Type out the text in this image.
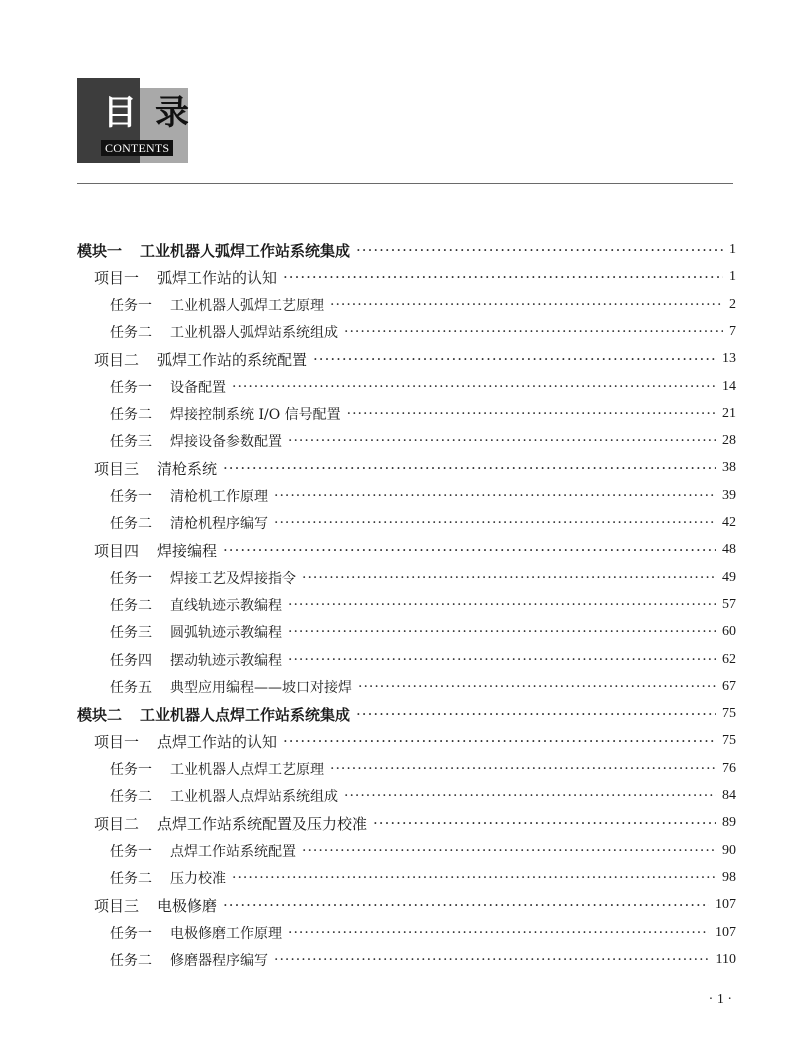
目 录
CONTENTS
模块一 工业机器人弧焊工作站系统集成 ·····	1
项目一 弧焊工作站的认知 ·····	1
任务一 工业机器人弧焊工艺原理 ·····	2
任务二 工业机器人弧焊站系统组成 ·····	7
项目二 弧焊工作站的系统配置 ·····	13
任务一 设备配置 ·····	14
任务二 焊接控制系统 I/O 信号配置 ·····	21
任务三 焊接设备参数配置 ·····	28
项目三 清枪系统 ·····	38
任务一 清枪机工作原理 ·····	39
任务二 清枪机程序编写 ·····	42
项目四 焊接编程 ·····	48
任务一 焊接工艺及焊接指令 ·····	49
任务二 直线轨迹示教编程 ·····	57
任务三 圆弧轨迹示教编程 ·····	60
任务四 摆动轨迹示教编程 ·····	62
任务五 典型应用编程——坡口对接焊 ·····	67
模块二 工业机器人点焊工作站系统集成 ·····	75
项目一 点焊工作站的认知 ·····	75
任务一 工业机器人点焊工艺原理 ·····	76
任务二 工业机器人点焊站系统组成 ·····	84
项目二 点焊工作站系统配置及压力校准 ·····	89
任务一 点焊工作站系统配置 ·····	90
任务二 压力校准 ·····	98
项目三 电极修磨 ·····	107
任务一 电极修磨工作原理 ·····	107
任务二 修磨器程序编写 ·····	110
· 1 ·
